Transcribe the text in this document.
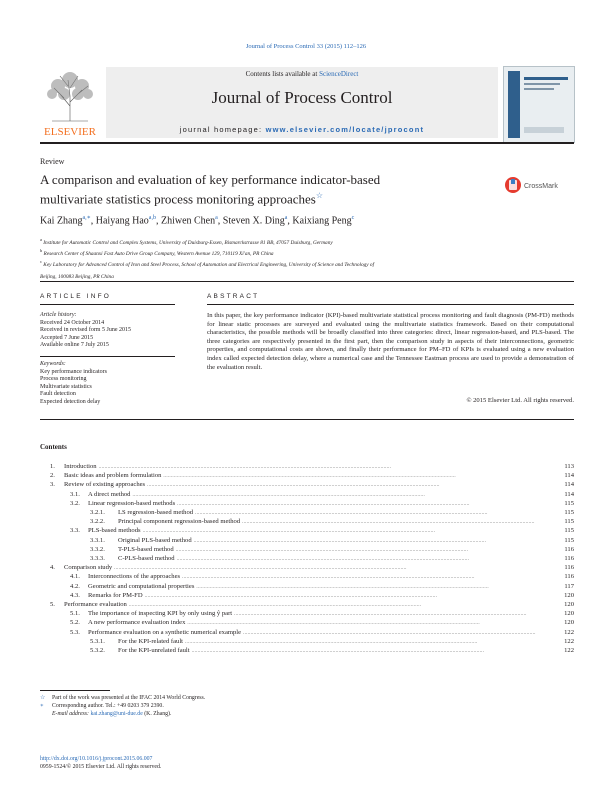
Journal of Process Control 33 (2015) 112–126
ELSEVIER
Contents lists available at ScienceDirect
Journal of Process Control
journal homepage: www.elsevier.com/locate/jprocont
Review
A comparison and evaluation of key performance indicator-based
multivariate statistics process monitoring approaches☆
CrossMark
Kai Zhang$^{a,∗}$, Haiyang Hao$^{a,b}$, Zhiwen Chen$^a$, Steven X. Ding$^a$, Kaixiang Peng$^c$
$^a$ Institute for Automatic Control and Complex Systems, University of Duisburg-Essen, Bismarckstrasse 81 BB, 47057 Duisburg, Germany
$^b$ Research Center of Shaanxi Fast Auto Drive Group Company, Western Avenue 129, 710119 Xi'an, PR China
$^c$ Key Laboratory for Advanced Control of Iron and Steel Process, School of Automation and Electrical Engineering, University of Science and Technology of
Beijing, 100083 Beijing, PR China
ARTICLE INFO	ABSTRACT
Article history:
Received 24 October 2014
Received in revised form 5 June 2015
Accepted 7 June 2015
Available online 7 July 2015
Keywords:
Key performance indicators
Process monitoring
Multivariate statistics
Fault detection
Expected detection delay
In this paper, the key performance indicator (KPI)-based multivariate statistical process monitoring and fault diagnosis (PM-FD) methods for linear static processes are surveyed and evaluated using the multivariate statistics framework. Based on their computational characteristics, the possible methods will be broadly classified into three categories: direct, linear regression-based, and PLS-based. The three categories are respectively presented in the first part, then the comparison study in aspects of their interconnections, geometric properties, and computational costs are shown, and finally their performance for PM–FD of KPIs is evaluated using a new evaluation index called expected detection delay, where a numerical case and the Tennessee Eastman process are used to provide a demonstration of the evaluation result.
© 2015 Elsevier Ltd. All rights reserved.
Contents
1.	Introduction . . .	113
2.	Basic ideas and problem formulation . . .	114
3.	Review of existing approaches . . .	114
3.1.	A direct method . . .	114
3.2.	Linear regression-based methods . . .	115
3.2.1.	LS regression-based method . . .	115
3.2.2.	Principal component regression-based method . . .	115
3.3.	PLS-based methods . . .	115
3.3.1.	Original PLS-based method . . .	115
3.3.2.	T-PLS-based method . . .	116
3.3.3.	C-PLS-based method . . .	116
4.	Comparison study . . .	116
4.1.	Interconnections of the approaches . . .	116
4.2.	Geometric and computational properties . . .	117
4.3.	Remarks for PM-FD . . .	120
5.	Performance evaluation . . .	120
5.1.	The importance of inspecting KPI by only using ŷ part . . .	120
5.2.	A new performance evaluation index . . .	120
5.3.	Performance evaluation on a synthetic numerical example . . .	122
5.3.1.	For the KPI-related fault . . .	122
5.3.2.	For the KPI-unrelated fault . . .	122
☆ Part of the work was presented at the IFAC 2014 World Congress.
∗ Corresponding author. Tel.: +49 0203 379 2390.
E-mail address: kai.zhang@uni-due.de (K. Zhang).
http://dx.doi.org/10.1016/j.jprocont.2015.06.007
0959-1524/© 2015 Elsevier Ltd. All rights reserved.
